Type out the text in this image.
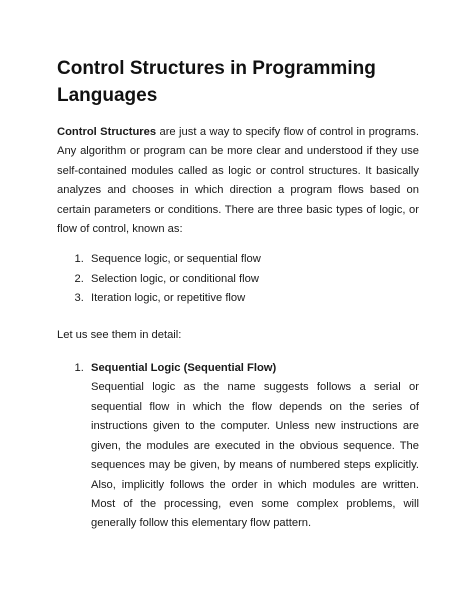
Control Structures in Programming Languages

Control Structures are just a way to specify flow of control in programs. Any algorithm or program can be more clear and understood if they use self-contained modules called as logic or control structures. It basically analyzes and chooses in which direction a program flows based on certain parameters or conditions. There are three basic types of logic, or flow of control, known as:

1. Sequence logic, or sequential flow
2. Selection logic, or conditional flow
3. Iteration logic, or repetitive flow

Let us see them in detail:

1. Sequential Logic (Sequential Flow)

Sequential logic as the name suggests follows a serial or sequential flow in which the flow depends on the series of instructions given to the computer. Unless new instructions are given, the modules are executed in the obvious sequence. The sequences may be given, by means of numbered steps explicitly. Also, implicitly follows the order in which modules are written. Most of the processing, even some complex problems, will generally follow this elementary flow pattern.
